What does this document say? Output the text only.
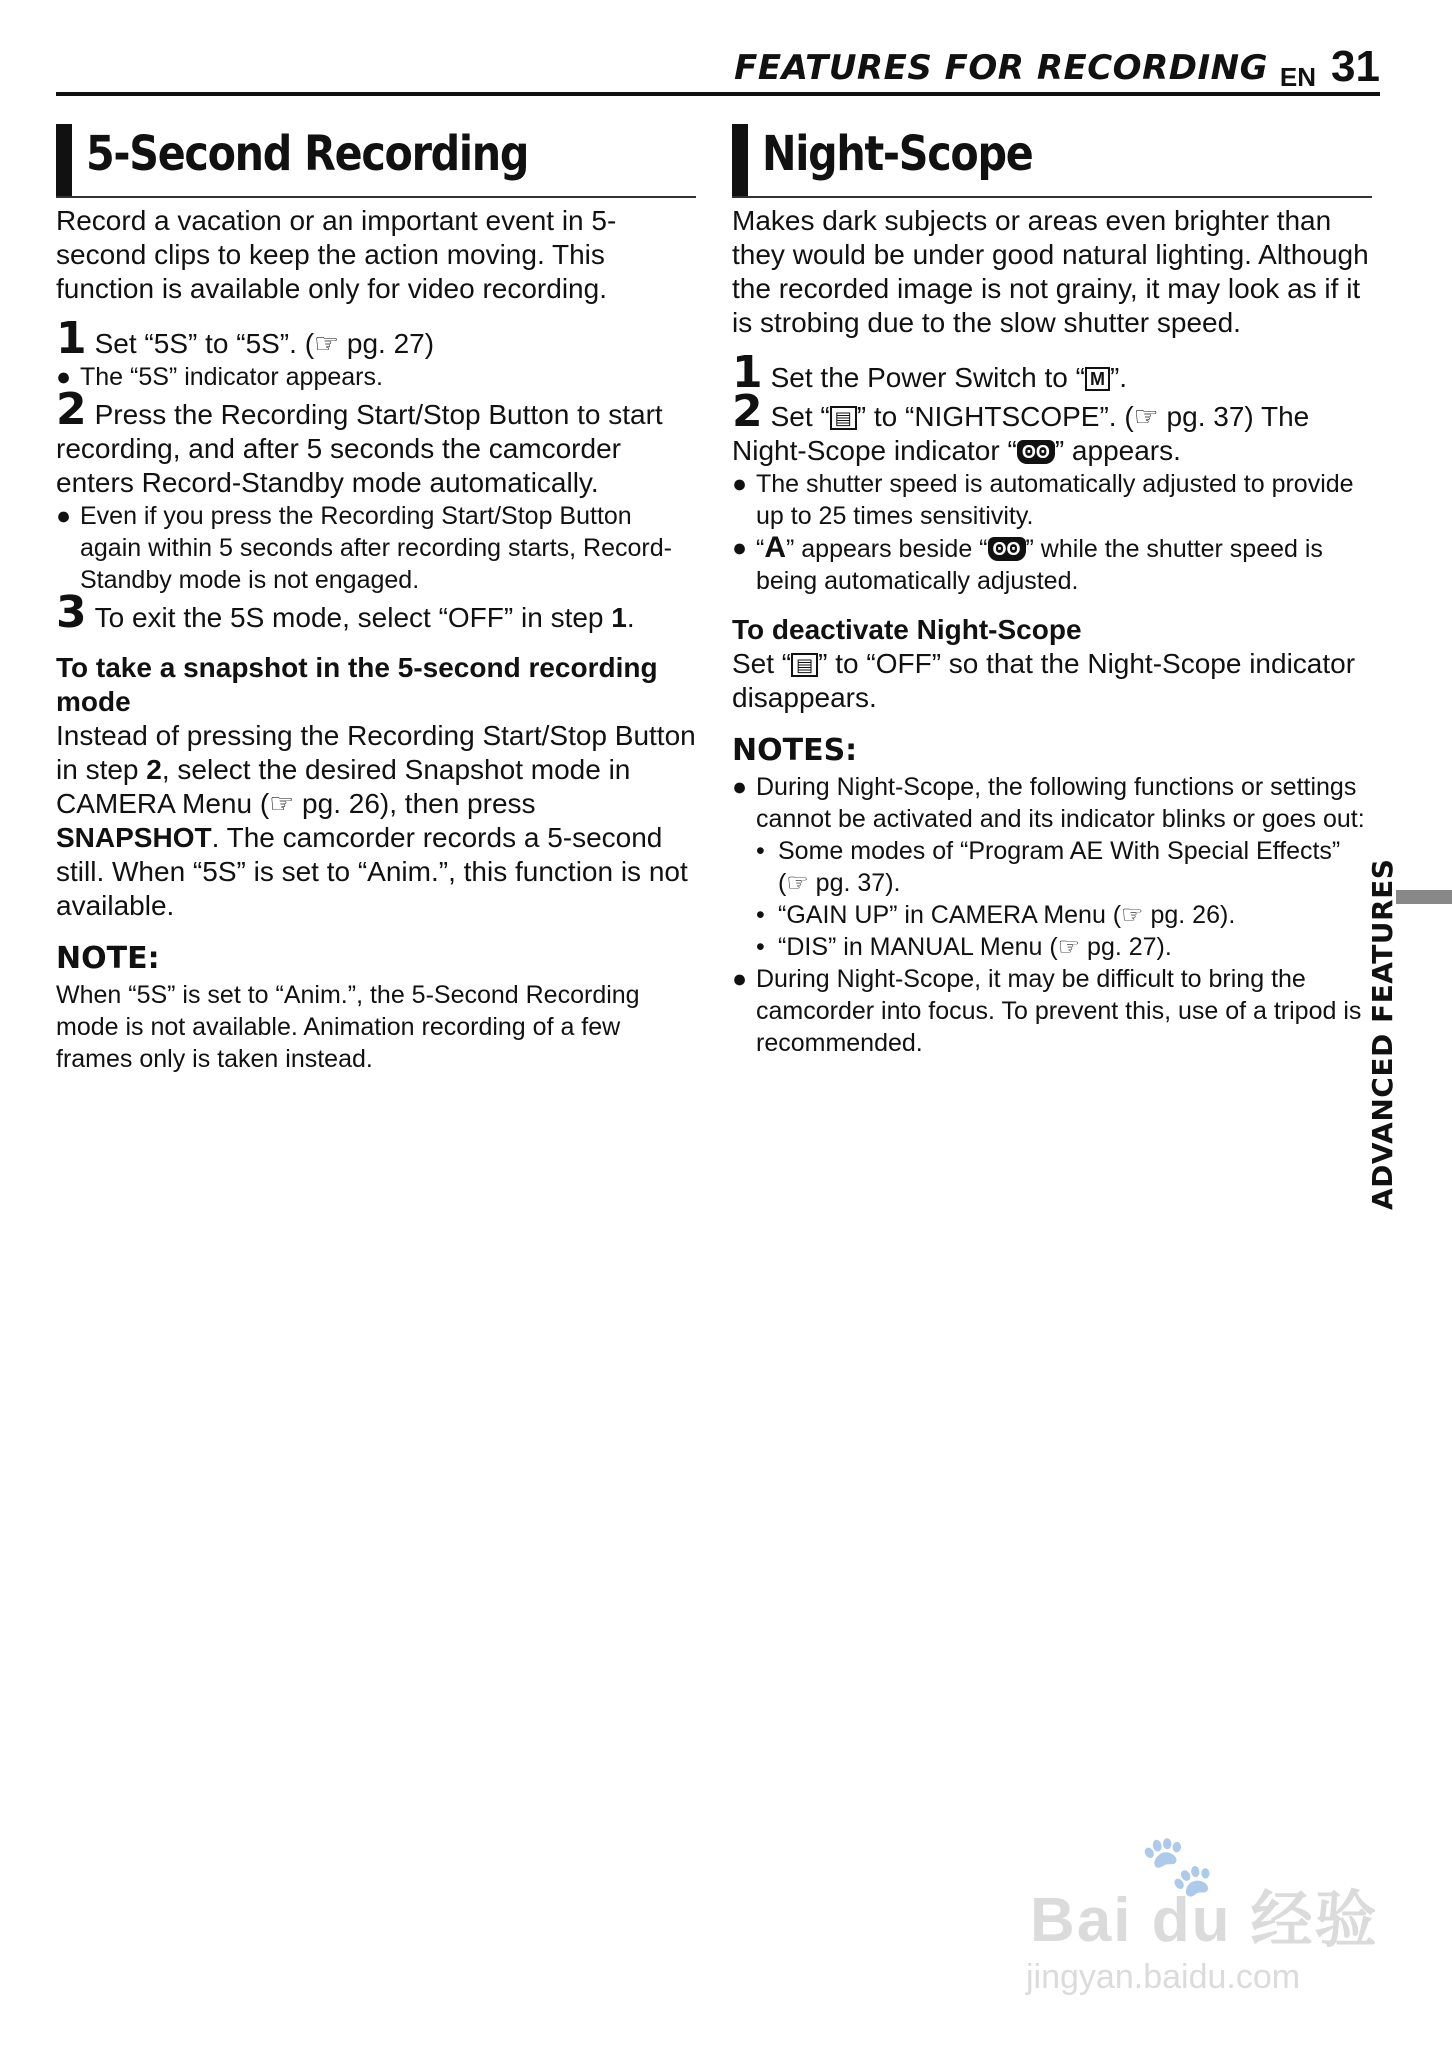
FEATURES FOR RECORDING EN 31
5-Second Recording

Record a vacation or an important event in 5-second clips to keep the action moving. This function is available only for video recording.

1 Set “5S” to “5S”. (☞ pg. 27)

● The “5S” indicator appears.

2 Press the Recording Start/Stop Button to start recording, and after 5 seconds the camcorder enters Record-Standby mode automatically.

● Even if you press the Recording Start/Stop Button again within 5 seconds after recording starts, Record-Standby mode is not engaged.

3 To exit the 5S mode, select “OFF” in step 1.

To take a snapshot in the 5-second recording mode

Instead of pressing the Recording Start/Stop Button in step 2, select the desired Snapshot mode in CAMERA Menu (☞ pg. 26), then press SNAPSHOT. The camcorder records a 5-second still. When “5S” is set to “Anim.”, this function is not available.

NOTE:

When “5S” is set to “Anim.”, the 5-Second Recording mode is not available. Animation recording of a few frames only is taken instead.

Night-Scope

Makes dark subjects or areas even brighter than they would be under good natural lighting. Although the recorded image is not grainy, it may look as if it is strobing due to the slow shutter speed.

1 Set the Power Switch to “ M ”.

2 Set “ ▤ ” to “NIGHTSCOPE”. (☞ pg. 37) The Night-Scope indicator “ ʘʘ ” appears.

● The shutter speed is automatically adjusted to provide up to 25 times sensitivity.

● “A” appears beside “ ʘʘ ” while the shutter speed is being automatically adjusted.

To deactivate Night-Scope

Set “ ▤ ” to “OFF” so that the Night-Scope indicator disappears.

NOTES:

● During Night-Scope, the following functions or settings cannot be activated and its indicator blinks or goes out:

• Some modes of “Program AE With Special Effects” (☞ pg. 37).

• “GAIN UP” in CAMERA Menu (☞ pg. 26).

• “DIS” in MANUAL Menu (☞ pg. 27).

● During Night-Scope, it may be difficult to bring the camcorder into focus. To prevent this, use of a tripod is recommended.	ADVANCED FEATURES
🐾
Bai du 经验
jingyan.baidu.com
